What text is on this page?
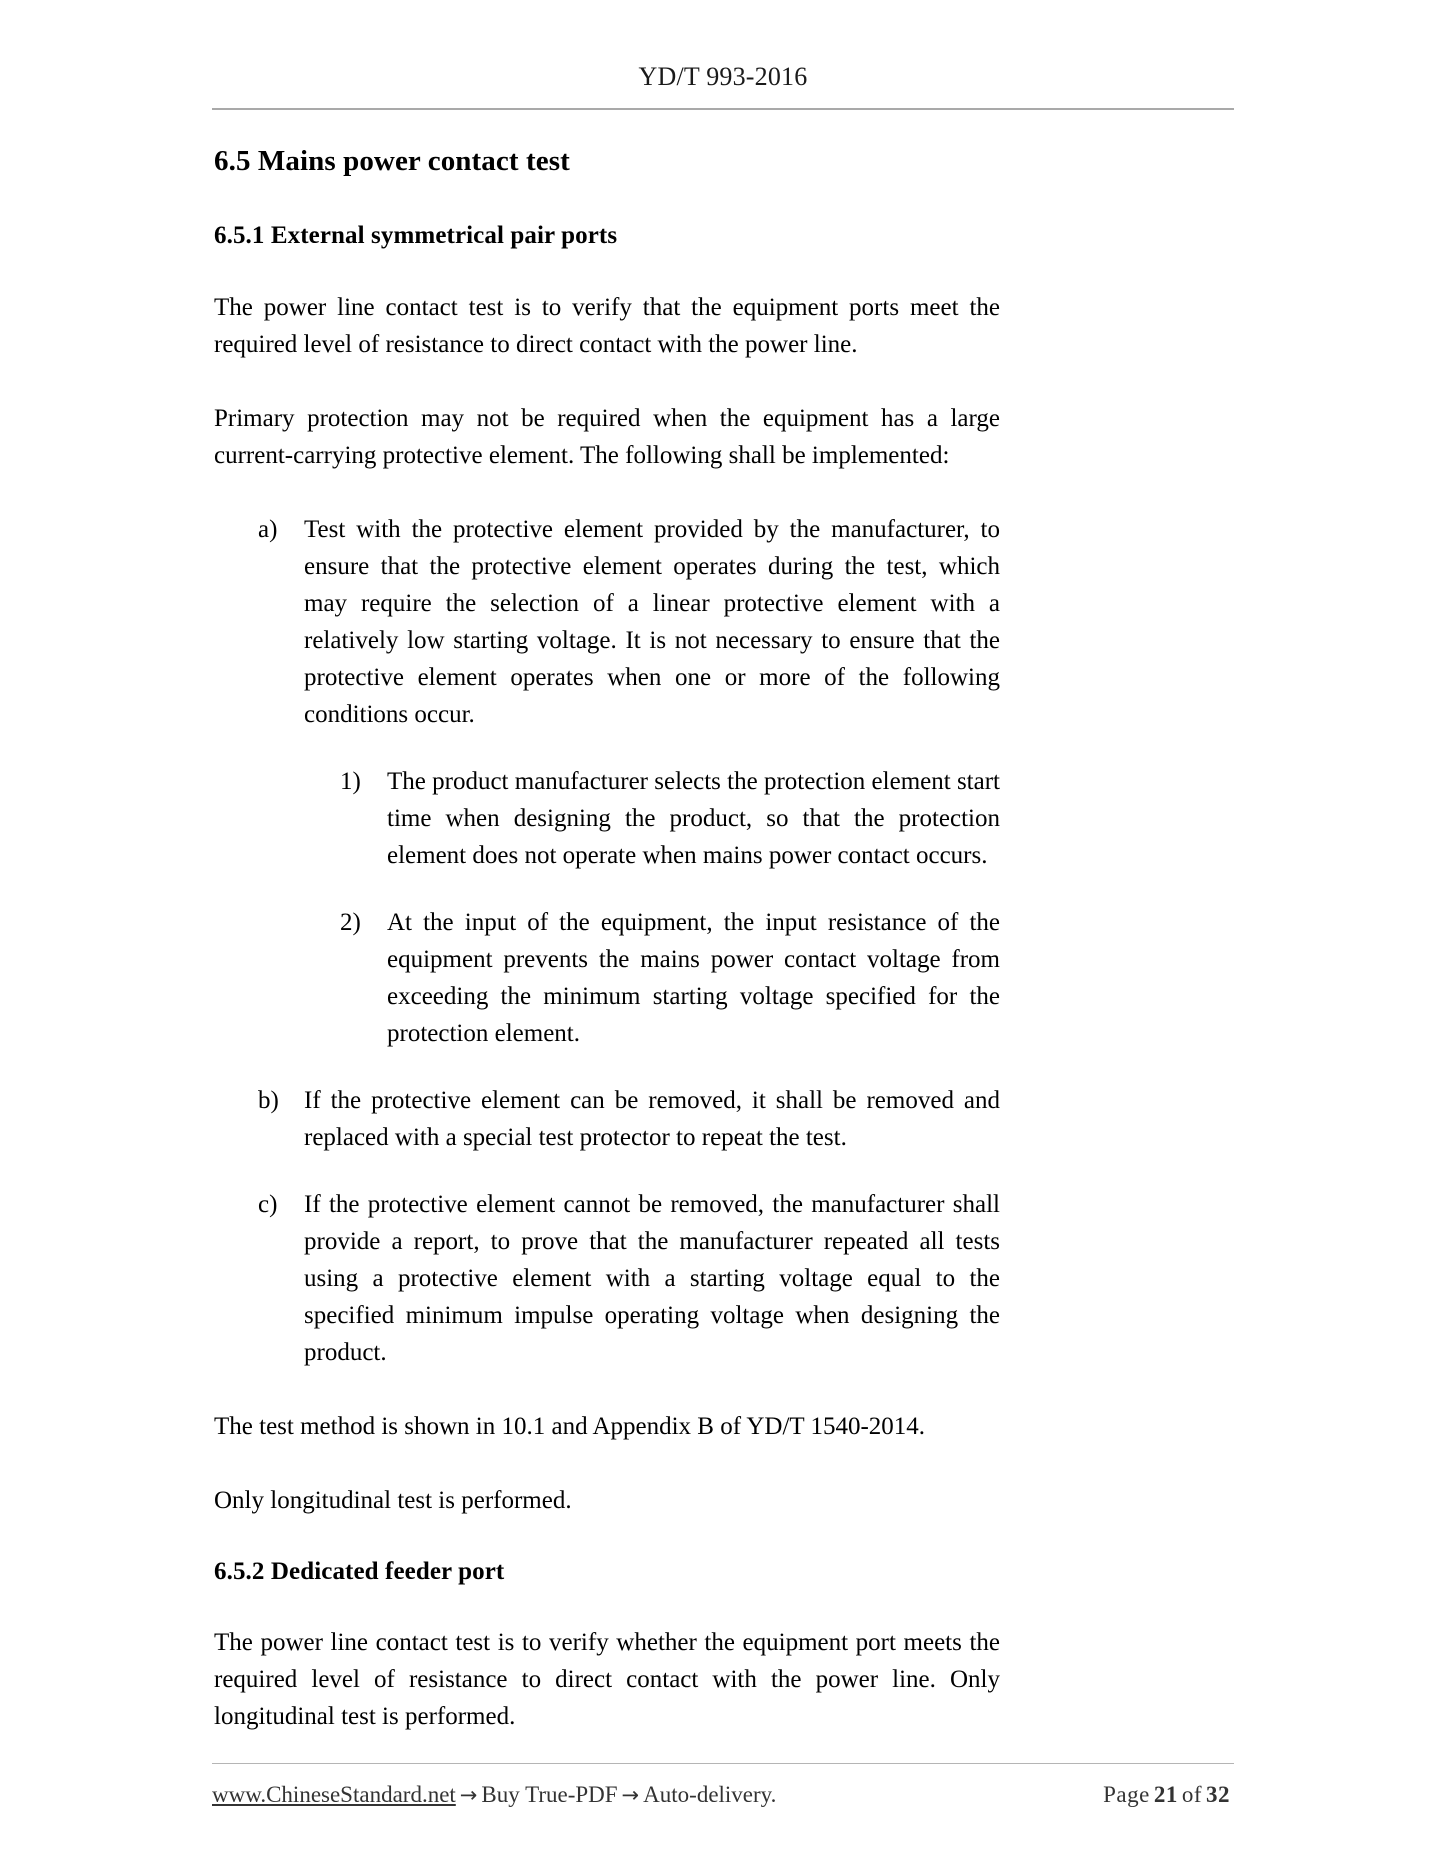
YD/T 993-2016
6.5 Mains power contact test
6.5.1 External symmetrical pair ports

The power line contact test is to verify that the equipment ports meet the required level of resistance to direct contact with the power line.

Primary protection may not be required when the equipment has a large current-carrying protective element. The following shall be implemented:

a)	Test with the protective element provided by the manufacturer, to ensure that the protective element operates during the test, which may require the selection of a linear protective element with a relatively low starting voltage. It is not necessary to ensure that the protective element operates when one or more of the following conditions occur.
1)	The product manufacturer selects the protection element start time when designing the product, so that the protection element does not operate when mains power contact occurs.
2)	At the input of the equipment, the input resistance of the equipment prevents the mains power contact voltage from exceeding the minimum starting voltage specified for the protection element.
b)	If the protective element can be removed, it shall be removed and replaced with a special test protector to repeat the test.
c)	If the protective element cannot be removed, the manufacturer shall provide a report, to prove that the manufacturer repeated all tests using a protective element with a starting voltage equal to the specified minimum impulse operating voltage when designing the product.

The test method is shown in 10.1 and Appendix B of YD/T 1540-2014.

Only longitudinal test is performed.

6.5.2 Dedicated feeder port

The power line contact test is to verify whether the equipment port meets the required level of resistance to direct contact with the power line. Only longitudinal test is performed.

www.ChineseStandard.net → Buy True-PDF → Auto-delivery.	Page 21 of 32
